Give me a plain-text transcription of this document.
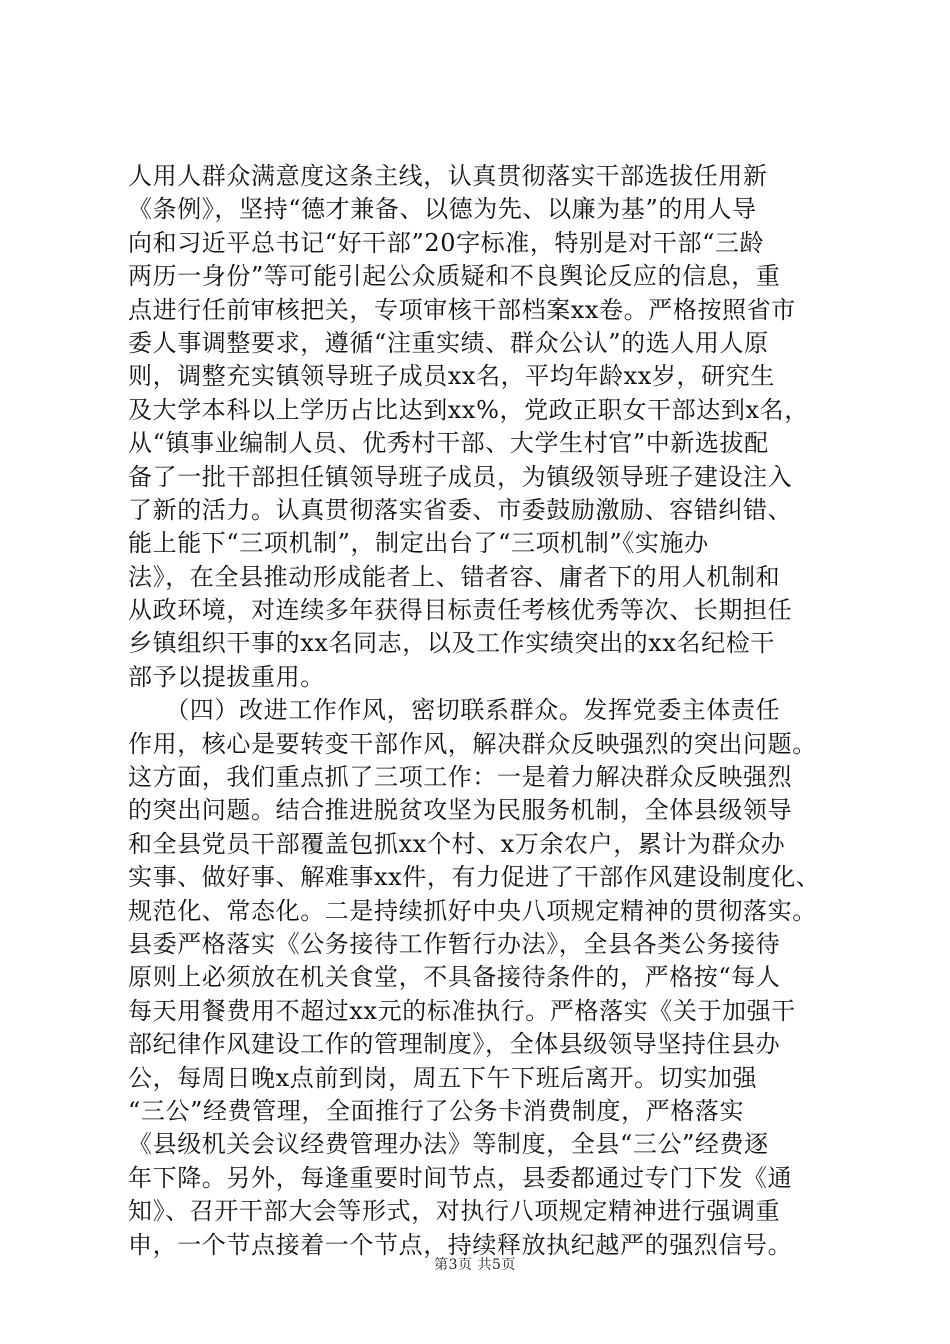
人用人群众满意度这条主线，认真贯彻落实干部选拔任用新
《条例》，坚持“德才兼备、以德为先、以廉为基”的用人导
向和习近平总书记“好干部”20字标准，特别是对干部“三龄
两历一身份”等可能引起公众质疑和不良舆论反应的信息，重
点进行任前审核把关，专项审核干部档案xx卷。严格按照省市
委人事调整要求，遵循“注重实绩、群众公认”的选人用人原
则，调整充实镇领导班子成员xx名，平均年龄xx岁，研究生
及大学本科以上学历占比达到xx%，党政正职女干部达到x名，
从“镇事业编制人员、优秀村干部、大学生村官”中新选拔配
备了一批干部担任镇领导班子成员，为镇级领导班子建设注入
了新的活力。认真贯彻落实省委、市委鼓励激励、容错纠错、
能上能下“三项机制”，制定出台了“三项机制”《实施办
法》，在全县推动形成能者上、错者容、庸者下的用人机制和
从政环境，对连续多年获得目标责任考核优秀等次、长期担任
乡镇组织干事的xx名同志，以及工作实绩突出的xx名纪检干
部予以提拔重用。
　　（四）改进工作作风，密切联系群众。发挥党委主体责任
作用，核心是要转变干部作风，解决群众反映强烈的突出问题。
这方面，我们重点抓了三项工作：一是着力解决群众反映强烈
的突出问题。结合推进脱贫攻坚为民服务机制，全体县级领导
和全县党员干部覆盖包抓xx个村、x万余农户，累计为群众办
实事、做好事、解难事xx件，有力促进了干部作风建设制度化、
规范化、常态化。二是持续抓好中央八项规定精神的贯彻落实。
县委严格落实《公务接待工作暂行办法》，全县各类公务接待
原则上必须放在机关食堂，不具备接待条件的，严格按“每人
每天用餐费用不超过xx元的标准执行。严格落实《关于加强干
部纪律作风建设工作的管理制度》，全体县级领导坚持住县办
公，每周日晚x点前到岗，周五下午下班后离开。切实加强
“三公”经费管理，全面推行了公务卡消费制度，严格落实
《县级机关会议经费管理办法》等制度，全县“三公”经费逐
年下降。另外，每逢重要时间节点，县委都通过专门下发《通
知》、召开干部大会等形式，对执行八项规定精神进行强调重
申，一个节点接着一个节点，持续释放执纪越严的强烈信号。
第3页 共5页
